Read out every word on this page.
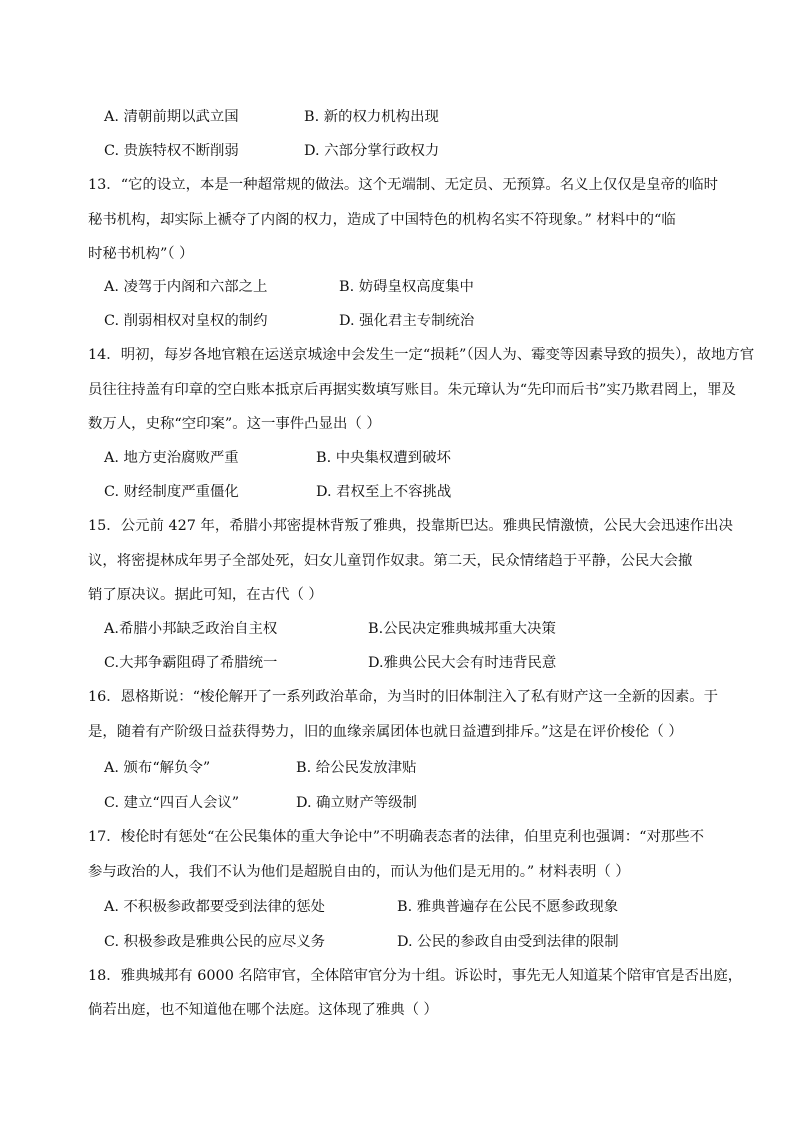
A. 清朝前期以武立国	B. 新的权力机构出现
C. 贵族特权不断削弱	D. 六部分掌行政权力
13．“它的设立，本是一种超常规的做法。这个无端制、无定员、无预算。名义上仅仅是皇帝的临时
秘书机构，却实际上褫夺了内阁的权力，造成了中国特色的机构名实不符现象。” 材料中的“临
时秘书机构”（ ）
A. 凌驾于内阁和六部之上	B. 妨碍皇权高度集中
C. 削弱相权对皇权的制约	D. 强化君主专制统治
14．明初，每岁各地官粮在运送京城途中会发生一定“损耗”（因人为、霉变等因素导致的损失），故地方官
员往往持盖有印章的空白账本抵京后再据实数填写账目。朱元璋认为“先印而后书”实乃欺君罔上，罪及
数万人，史称“空印案”。这一事件凸显出（ ）
A. 地方吏治腐败严重	B. 中央集权遭到破坏
C. 财经制度严重僵化	D. 君权至上不容挑战
15．公元前 427 年，希腊小邦密提林背叛了雅典，投靠斯巴达。雅典民情激愤，公民大会迅速作出决
议，将密提林成年男子全部处死，妇女儿童罚作奴隶。第二天，民众情绪趋于平静，公民大会撤
销了原决议。据此可知，在古代（ ）
A.希腊小邦缺乏政治自主权	B.公民决定雅典城邦重大决策
C.大邦争霸阻碍了希腊统一	D.雅典公民大会有时违背民意
16．恩格斯说：“梭伦解开了一系列政治革命，为当时的旧体制注入了私有财产这一全新的因素。于
是，随着有产阶级日益获得势力，旧的血缘亲属团体也就日益遭到排斥。”这是在评价梭伦（ ）
A. 颁布“解负令”	B. 给公民发放津贴
C. 建立“四百人会议”	D. 确立财产等级制
17．梭伦时有惩处“在公民集体的重大争论中”不明确表态者的法律，伯里克利也强调：“对那些不
参与政治的人，我们不认为他们是超脱自由的，而认为他们是无用的。” 材料表明（ ）
A. 不积极参政都要受到法律的惩处	B. 雅典普遍存在公民不愿参政现象
C. 积极参政是雅典公民的应尽义务	D. 公民的参政自由受到法律的限制
18．雅典城邦有 6000 名陪审官，全体陪审官分为十组。诉讼时，事先无人知道某个陪审官是否出庭，
倘若出庭，也不知道他在哪个法庭。这体现了雅典（ ）
